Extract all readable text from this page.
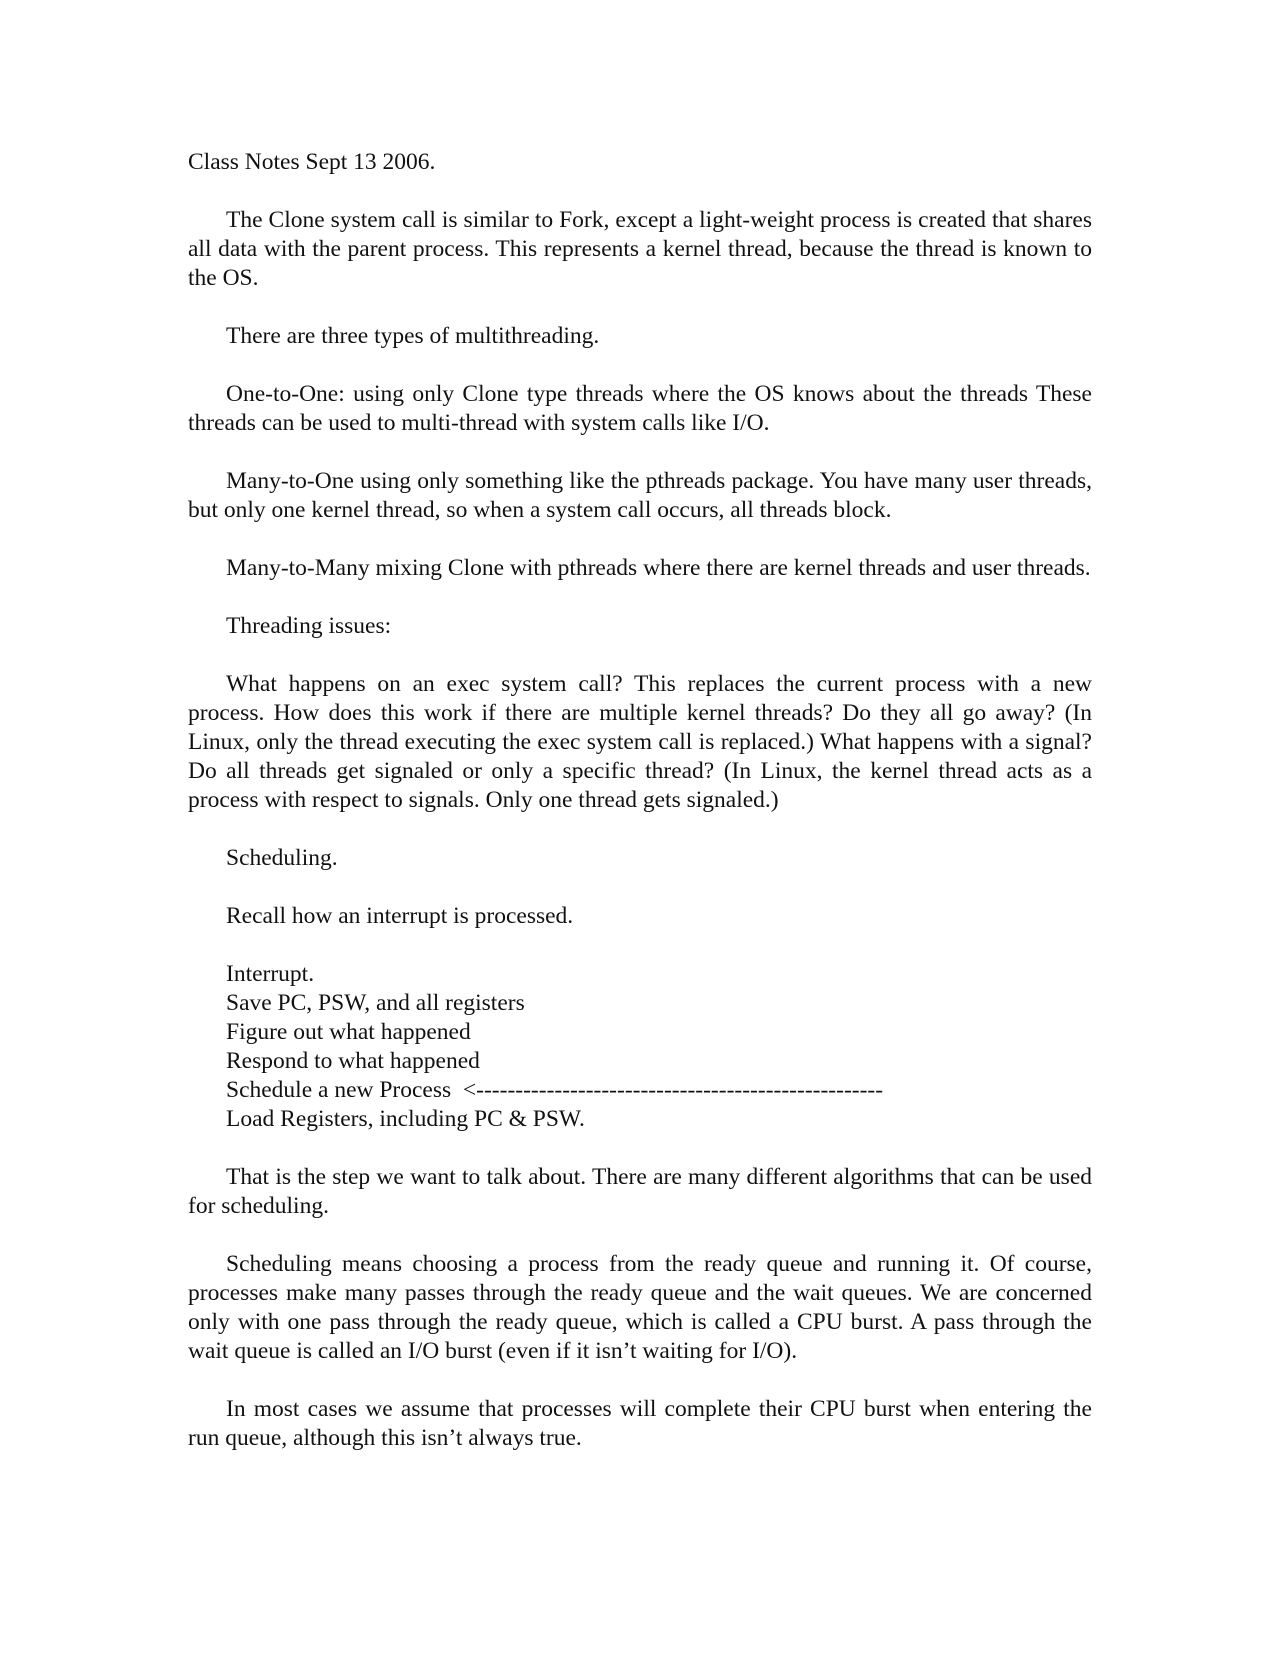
Class Notes Sept 13 2006.

The Clone system call is similar to Fork, except a light-weight process is created that shares all data with the parent process. This represents a kernel thread, because the thread is known to the OS.

There are three types of multithreading.

One-to-One: using only Clone type threads where the OS knows about the threads These threads can be used to multi-thread with system calls like I/O.

Many-to-One using only something like the pthreads package. You have many user threads, but only one kernel thread, so when a system call occurs, all threads block.

Many-to-Many mixing Clone with pthreads where there are kernel threads and user threads.

Threading issues:

What happens on an exec system call? This replaces the current process with a new process. How does this work if there are multiple kernel threads? Do they all go away? (In Linux, only the thread executing the exec system call is replaced.) What happens with a signal? Do all threads get signaled or only a specific thread? (In Linux, the kernel thread acts as a process with respect to signals. Only one thread gets signaled.)

Scheduling.

Recall how an interrupt is processed.

Interrupt.
Save PC, PSW, and all registers
Figure out what happened
Respond to what happened
Schedule a new Process  <----------------------------------------------------
Load Registers, including PC & PSW.

That is the step we want to talk about. There are many different algorithms that can be used for scheduling.

Scheduling means choosing a process from the ready queue and running it. Of course, processes make many passes through the ready queue and the wait queues. We are concerned only with one pass through the ready queue, which is called a CPU burst. A pass through the wait queue is called an I/O burst (even if it isn’t waiting for I/O).

In most cases we assume that processes will complete their CPU burst when entering the run queue, although this isn’t always true.
